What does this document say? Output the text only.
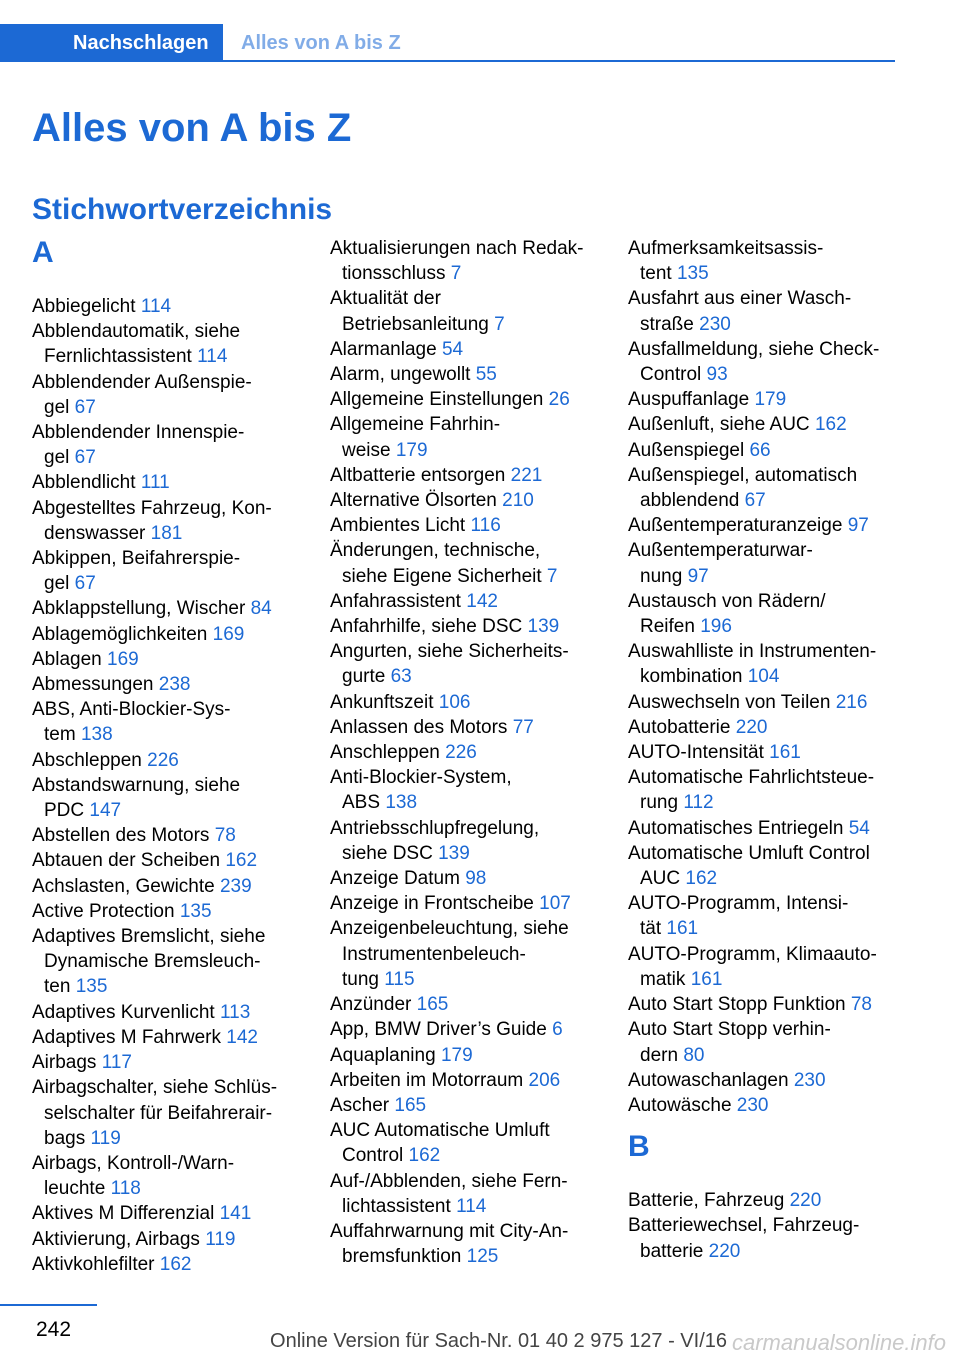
Nachschlagen	Alles von A bis Z
Alles von A bis Z
Stichwortverzeichnis
A
Abbiegelicht 114
Abblendautomatik, siehe
Fernlichtassistent 114
Abblendender Außenspie-
gel 67
Abblendender Innenspie-
gel 67
Abblendlicht 111
Abgestelltes Fahrzeug, Kon-
denswasser 181
Abkippen, Beifahrerspie-
gel 67
Abklappstellung, Wischer 84
Ablagemöglichkeiten 169
Ablagen 169
Abmessungen 238
ABS, Anti-Blockier-Sys-
tem 138
Abschleppen 226
Abstandswarnung, siehe
PDC 147
Abstellen des Motors 78
Abtauen der Scheiben 162
Achslasten, Gewichte 239
Active Protection 135
Adaptives Bremslicht, siehe
Dynamische Bremsleuch-
ten 135
Adaptives Kurvenlicht 113
Adaptives M Fahrwerk 142
Airbags 117
Airbagschalter, siehe Schlüs-
selschalter für Beifahrerair-
bags 119
Airbags, Kontroll-/Warn-
leuchte 118
Aktives M Differenzial 141
Aktivierung, Airbags 119
Aktivkohlefilter 162
Aktualisierungen nach Redak-
tionsschluss 7
Aktualität der
Betriebsanleitung 7
Alarmanlage 54
Alarm, ungewollt 55
Allgemeine Einstellungen 26
Allgemeine Fahrhin-
weise 179
Altbatterie entsorgen 221
Alternative Ölsorten 210
Ambientes Licht 116
Änderungen, technische,
siehe Eigene Sicherheit 7
Anfahrassistent 142
Anfahrhilfe, siehe DSC 139
Angurten, siehe Sicherheits-
gurte 63
Ankunftszeit 106
Anlassen des Motors 77
Anschleppen 226
Anti-Blockier-System,
ABS 138
Antriebsschlupfregelung,
siehe DSC 139
Anzeige Datum 98
Anzeige in Frontscheibe 107
Anzeigenbeleuchtung, siehe
Instrumentenbeleuch-
tung 115
Anzünder 165
App, BMW Driver’s Guide 6
Aquaplaning 179
Arbeiten im Motorraum 206
Ascher 165
AUC Automatische Umluft
Control 162
Auf-/Abblenden, siehe Fern-
lichtassistent 114
Auffahrwarnung mit City-An-
bremsfunktion 125
Aufmerksamkeitsassis-
tent 135
Ausfahrt aus einer Wasch-
straße 230
Ausfallmeldung, siehe Check-
Control 93
Auspuffanlage 179
Außenluft, siehe AUC 162
Außenspiegel 66
Außenspiegel, automatisch
abblendend 67
Außentemperaturanzeige 97
Außentemperaturwar-
nung 97
Austausch von Rädern/
Reifen 196
Auswahlliste in Instrumenten-
kombination 104
Auswechseln von Teilen 216
Autobatterie 220
AUTO-Intensität 161
Automatische Fahrlichtsteue-
rung 112
Automatisches Entriegeln 54
Automatische Umluft Control
AUC 162
AUTO-Programm, Intensi-
tät 161
AUTO-Programm, Klimaauto-
matik 161
Auto Start Stopp Funktion 78
Auto Start Stopp verhin-
dern 80
Autowaschanlagen 230
Autowäsche 230
B
Batterie, Fahrzeug 220
Batteriewechsel, Fahrzeug-
batterie 220
242	Online Version für Sach-Nr. 01 40 2 975 127 - VI/16 carmanualsonline.info
